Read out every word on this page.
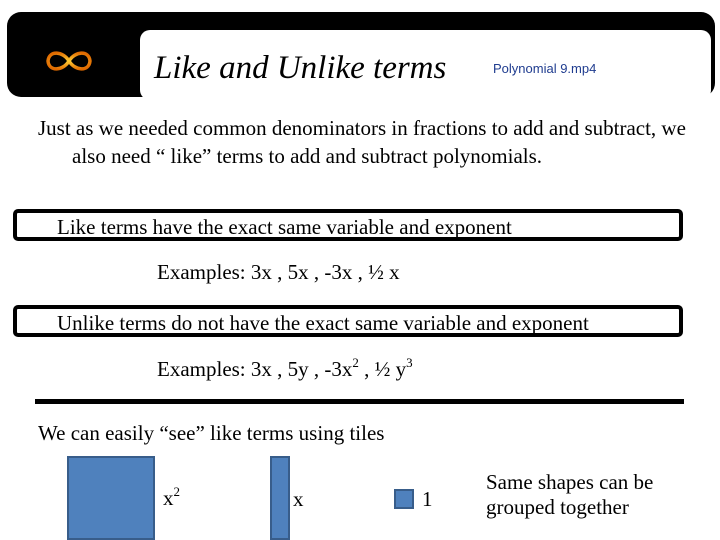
Like and Unlike terms	Polynomial 9.mp4

Just as we needed common denominators in fractions to add and subtract, we also need “ like” terms to add and subtract polynomials.

Like terms have the exact same variable and exponent
Examples: 3x , 5x , -3x , ½ x
Unlike terms do not have the exact same variable and exponent
Examples: 3x , 5y , $-3x^2$ , ½ $y^3$
We can easily “see” like terms using tiles
$x^2$	x	1
Same shapes can be grouped together
